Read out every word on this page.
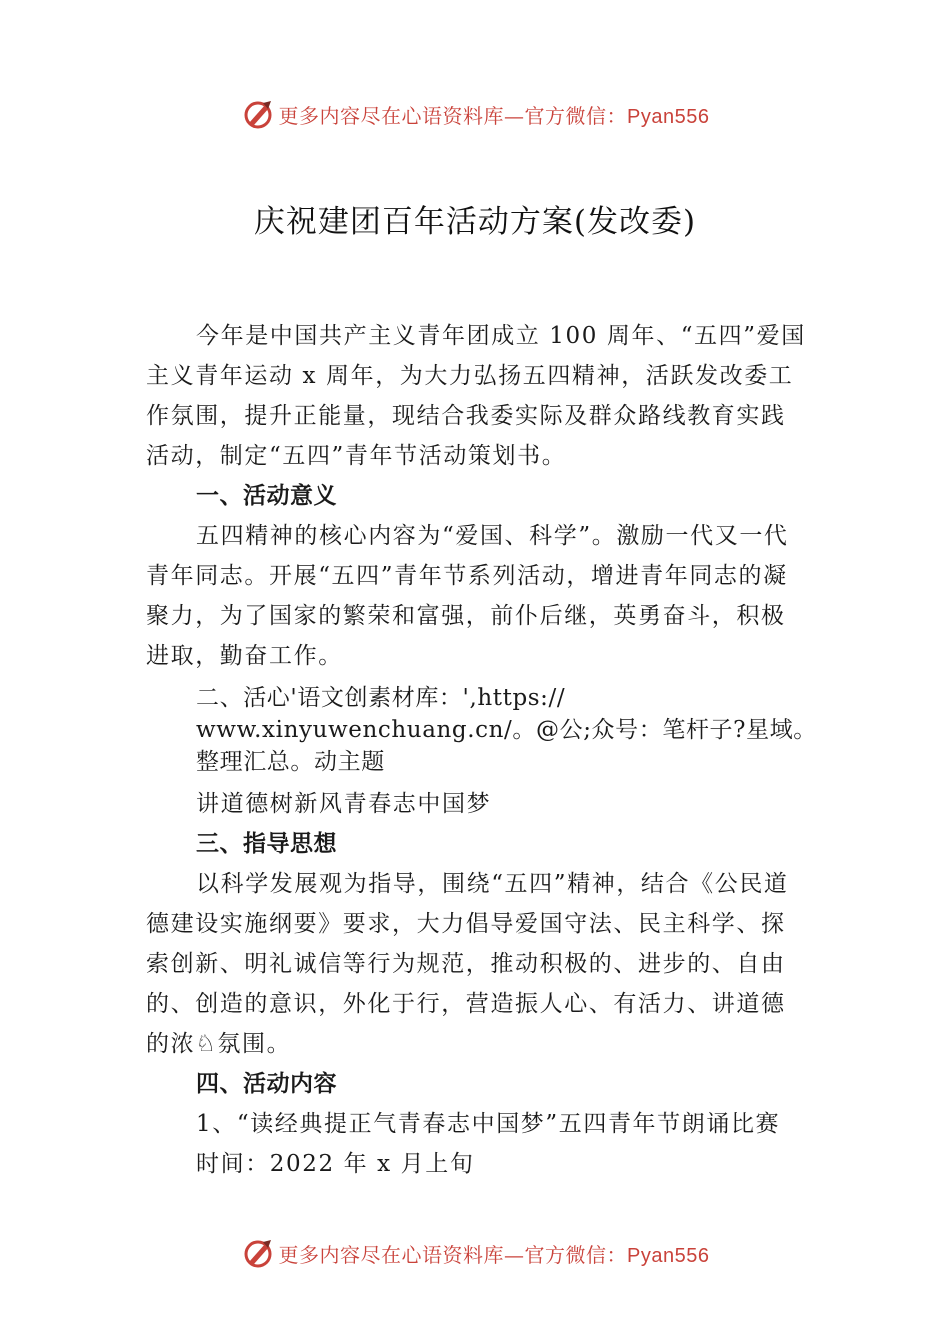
更多内容尽在心语资料库—官方微信：Pyan556
庆祝建团百年活动方案(发改委)

今年是中国共产主义青年团成立 100 周年、“五四”爱国主义青年运动 x 周年，为大力弘扬五四精神，活跃发改委工作氛围，提升正能量，现结合我委实际及群众路线教育实践活动，制定“五四”青年节活动策划书。

一、活动意义

五四精神的核心内容为“爱国、科学”。激励一代又一代青年同志。开展“五四”青年节系列活动，增进青年同志的凝聚力，为了国家的繁荣和富强，前仆后继，英勇奋斗，积极进取，勤奋工作。

二、活心'语文创素材库：',https:// www.xinyuwenchuang.cn/。@公;众号：笔杆子?星域。整理汇总。动主题

讲道德树新风青春志中国梦

三、指导思想

以科学发展观为指导，围绕“五四”精神，结合《公民道德建设实施纲要》要求，大力倡导爱国守法、民主科学、探索创新、明礼诚信等行为规范，推动积极的、进步的、自由的、创造的意识，外化于行，营造振人心、有活力、讲道德的浓♘氛围。

四、活动内容

1、“读经典提正气青春志中国梦”五四青年节朗诵比赛

时间：2022 年 x 月上旬

更多内容尽在心语资料库—官方微信：Pyan556
